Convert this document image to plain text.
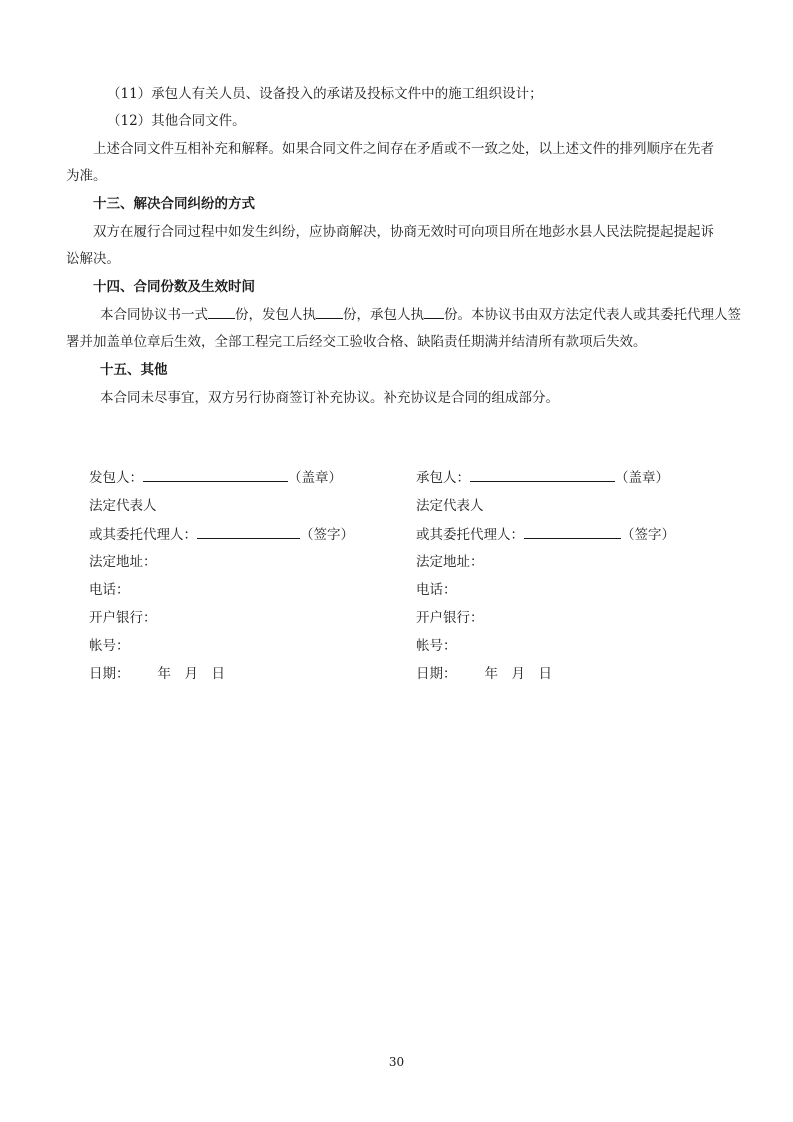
（11）承包人有关人员、设备投入的承诺及投标文件中的施工组织设计；
（12）其他合同文件。
上述合同文件互相补充和解释。如果合同文件之间存在矛盾或不一致之处，以上述文件的排列顺序在先者
为准。
十三、解决合同纠纷的方式
双方在履行合同过程中如发生纠纷，应协商解决，协商无效时可向项目所在地彭水县人民法院提起提起诉
讼解决。
十四、合同份数及生效时间
本合同协议书一式 份，发包人执 份，承包人执 份。本协议书由双方法定代表人或其委托代理人签
署并加盖单位章后生效，全部工程完工后经交工验收合格、缺陷责任期满并结清所有款项后失效。
十五、其他
本合同未尽事宜，双方另行协商签订补充协议。补充协议是合同的组成部分。
发包人：	（盖章）
法定代表人
或其委托代理人：	（签字）
法定地址：
电话：
开户银行：
帐号：
日期： 年　月　日
承包人：	（盖章）
法定代表人
或其委托代理人：	（签字）
法定地址：
电话：
开户银行：
帐号：
日期： 年　月　日
30
